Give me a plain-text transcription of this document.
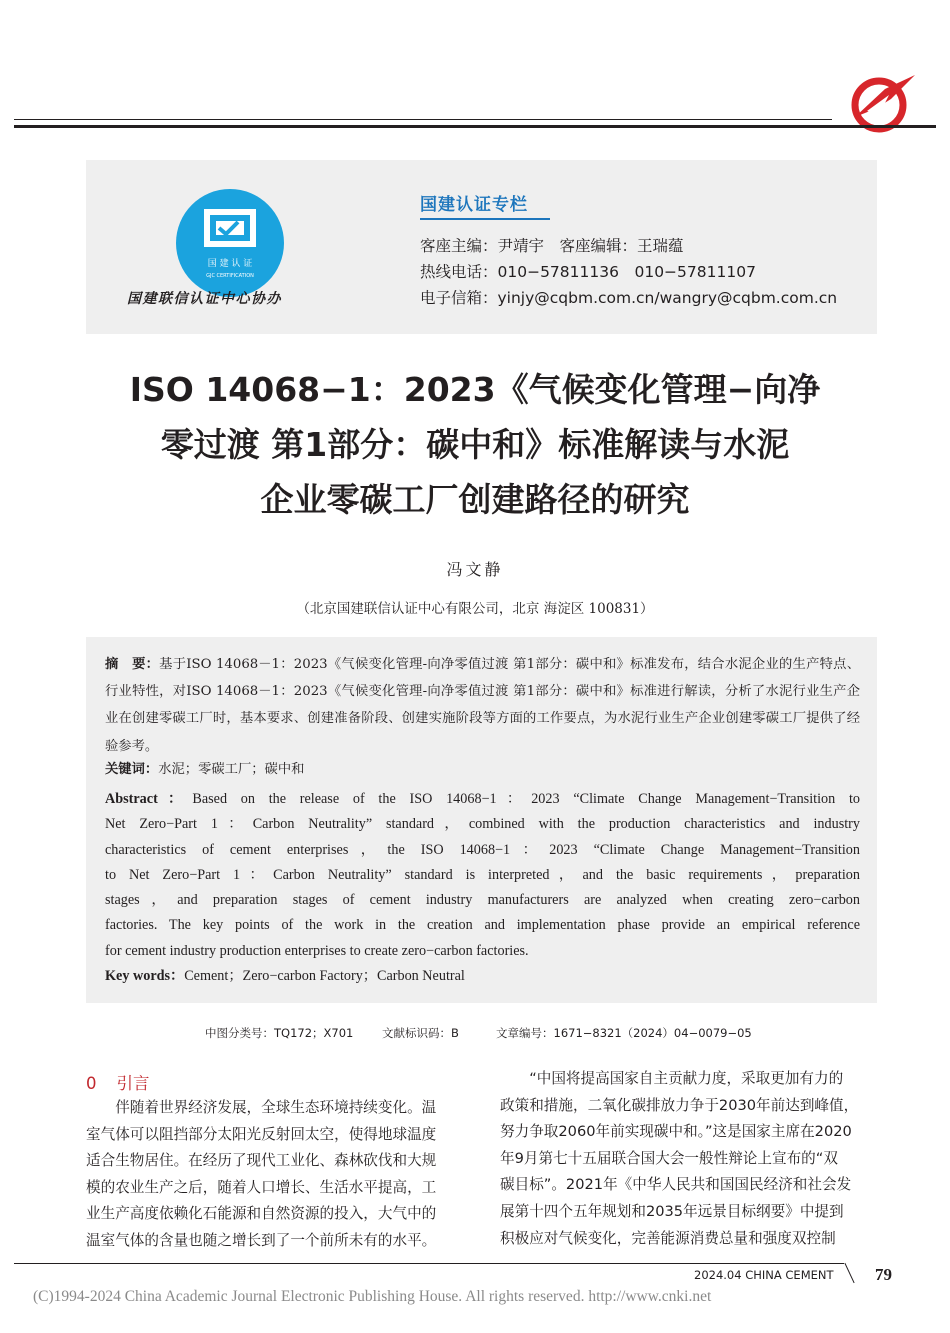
国 建 认 证
GJC CERTIFICATION
国建联信认证中心协办
国建认证专栏
客座主编：尹靖宇　客座编辑：王瑞蕴
热线电话：010−57811136　010−57811107
电子信箱：yinjy@cqbm.com.cn/wangry@cqbm.com.cn
ISO 14068−1：2023《气候变化管理−向净
零过渡 第1部分：碳中和》标准解读与水泥
企业零碳工厂创建路径的研究
冯文静
（北京国建联信认证中心有限公司，北京 海淀区 100831）
摘　要：基于ISO 14068－1：2023《气候变化管理-向净零值过渡 第1部分：碳中和》标准发布，结合水泥企业的生产特点、行业特性，对ISO 14068－1：2023《气候变化管理-向净零值过渡 第1部分：碳中和》标准进行解读，分析了水泥行业生产企业在创建零碳工厂时，基本要求、创建准备阶段、创建实施阶段等方面的工作要点，为水泥行业生产企业创建零碳工厂提供了经验参考。
关键词：水泥；零碳工厂；碳中和
Abstract：Based on the release of the ISO 14068−1：2023 “Climate Change Management−Transition to
Net Zero−Part 1：Carbon Neutrality” standard，combined with the production characteristics and industry
characteristics of cement enterprises，the ISO 14068−1：2023 “Climate Change Management−Transition
to Net Zero−Part 1：Carbon Neutrality” standard is interpreted，and the basic requirements，preparation
stages，and preparation stages of cement industry manufacturers are analyzed when creating zero−carbon
factories. The key points of the work in the creation and implementation phase provide an empirical reference
for cement industry production enterprises to create zero−carbon factories.
Key words：Cement；Zero−carbon Factory；Carbon Neutral
中图分类号：TQ172；X701 文献标识码：B	文章编号：1671−8321（2024）04−0079−05
0 引言
　　伴随着世界经济发展，全球生态环境持续变化。温
室气体可以阻挡部分太阳光反射回太空，使得地球温度
适合生物居住。在经历了现代工业化、森林砍伐和大规
模的农业生产之后，随着人口增长、生活水平提高，工
业生产高度依赖化石能源和自然资源的投入，大气中的
温室气体的含量也随之增长到了一个前所未有的水平。
　　“中国将提高国家自主贡献力度，采取更加有力的
政策和措施，二氧化碳排放力争于2030年前达到峰值，
努力争取2060年前实现碳中和。”这是国家主席在2020
年9月第七十五届联合国大会一般性辩论上宣布的“双
碳目标”。2021年《中华人民共和国国民经济和社会发
展第十四个五年规划和2035年远景目标纲要》中提到
积极应对气候变化，完善能源消费总量和强度双控制
2024.04 CHINA CEMENT 79
(C)1994-2024 China Academic Journal Electronic Publishing House. All rights reserved. http://www.cnki.net
